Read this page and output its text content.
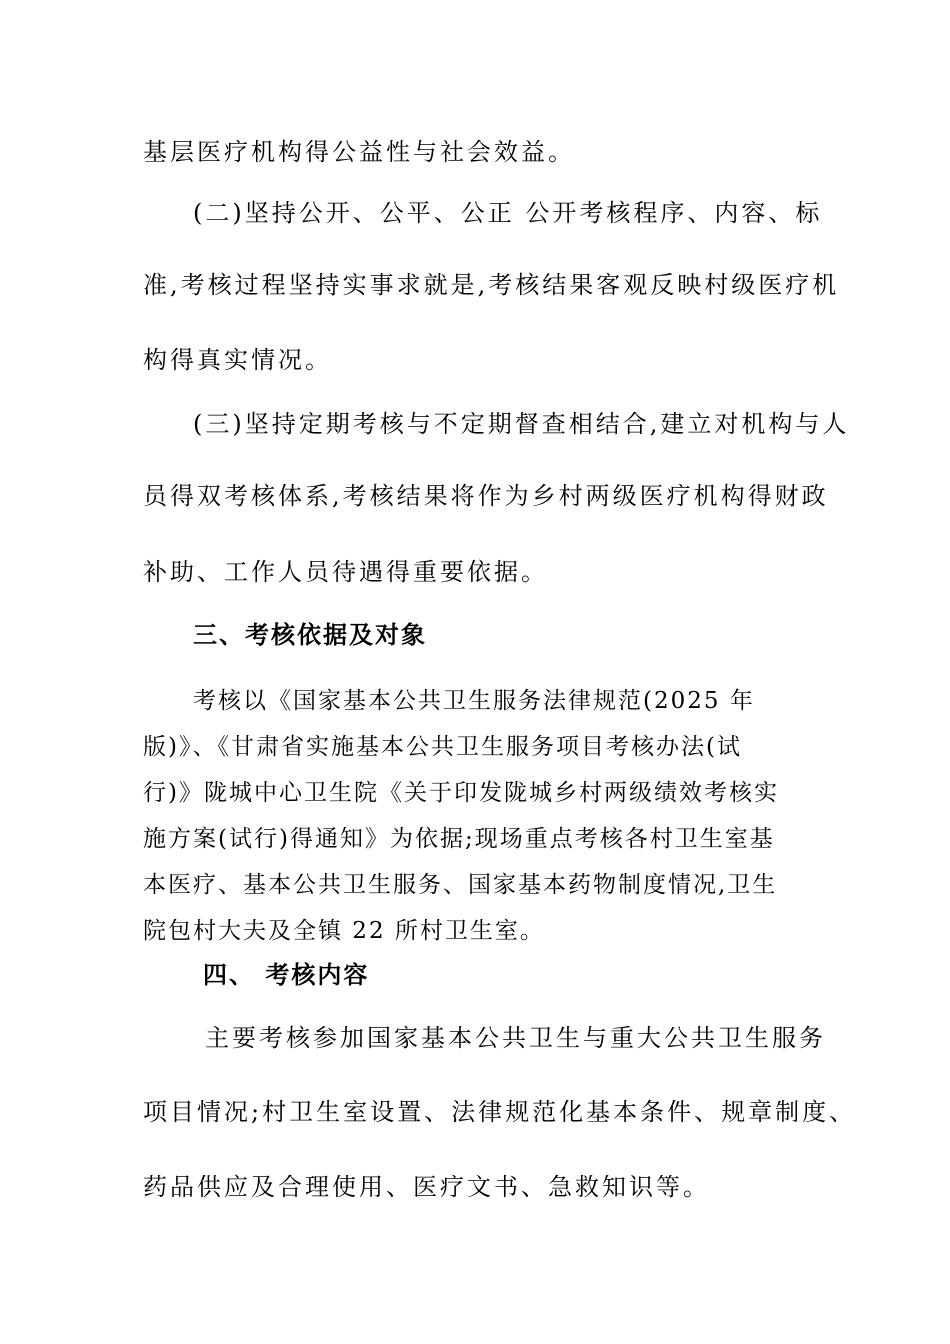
基层医疗机构得公益性与社会效益。
(二)坚持公开、公平、公正 公开考核程序、内容、标
准,考核过程坚持实事求就是,考核结果客观反映村级医疗机
构得真实情况。
(三)坚持定期考核与不定期督查相结合,建立对机构与人
员得双考核体系,考核结果将作为乡村两级医疗机构得财政
补助、工作人员待遇得重要依据。
三、考核依据及对象
考核以《国家基本公共卫生服务法律规范(2025 年
版)》、《甘肃省实施基本公共卫生服务项目考核办法(试
行)》陇城中心卫生院《关于印发陇城乡村两级绩效考核实
施方案(试行)得通知》为依据;现场重点考核各村卫生室基
本医疗、基本公共卫生服务、国家基本药物制度情况,卫生
院包村大夫及全镇 22 所村卫生室。
四、 考核内容
主要考核参加国家基本公共卫生与重大公共卫生服务
项目情况;村卫生室设置、法律规范化基本条件、规章制度、
药品供应及合理使用、医疗文书、急救知识等。
